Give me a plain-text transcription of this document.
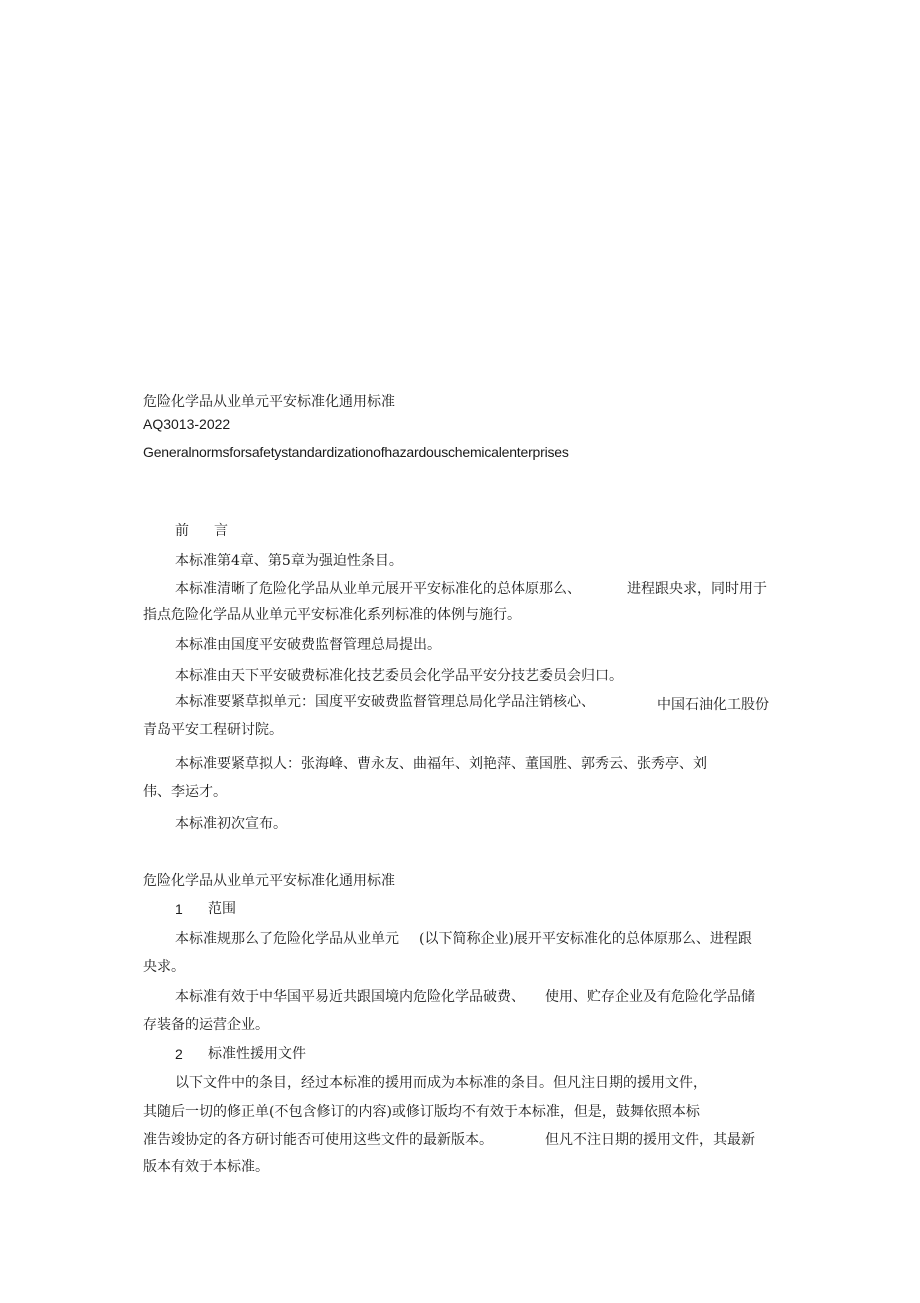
危险化学品从业单元平安标准化通用标准
AQ3013-2022
Generalnormsforsafetystandardizationofhazardouschemicalenterprises
前 言
本标准第4章、第5章为强迫性条目。
本标准清晰了危险化学品从业单元展开平安标准化的总体原那么、	进程跟央求，同时用于
指点危险化学品从业单元平安标准化系列标准的体例与施行。
本标准由国度平安破费监督管理总局提出。
本标准由天下平安破费标准化技艺委员会化学品平安分技艺委员会归口。
本标准要紧草拟单元：国度平安破费监督管理总局化学品注销核心、	中国石油化工股份
青岛平安工程研讨院。
本标准要紧草拟人：张海峰、曹永友、曲福年、刘艳萍、董国胜、郭秀云、张秀亭、刘
伟、李运才。
本标准初次宣布。
危险化学品从业单元平安标准化通用标准
1 范围
本标准规那么了危险化学品从业单元 (以下简称企业)展开平安标准化的总体原那么、进程跟
央求。
本标准有效于中华国平易近共跟国境内危险化学品破费、 使用、贮存企业及有危险化学品储
存装备的运营企业。
2 标准性援用文件
以下文件中的条目，经过本标准的援用而成为本标准的条目。但凡注日期的援用文件，
其随后一切的修正单(不包含修订的内容)或修订版均不有效于本标准，但是，鼓舞依照本标
准告竣协定的各方研讨能否可使用这些文件的最新版本。	但凡不注日期的援用文件，其最新
版本有效于本标准。
